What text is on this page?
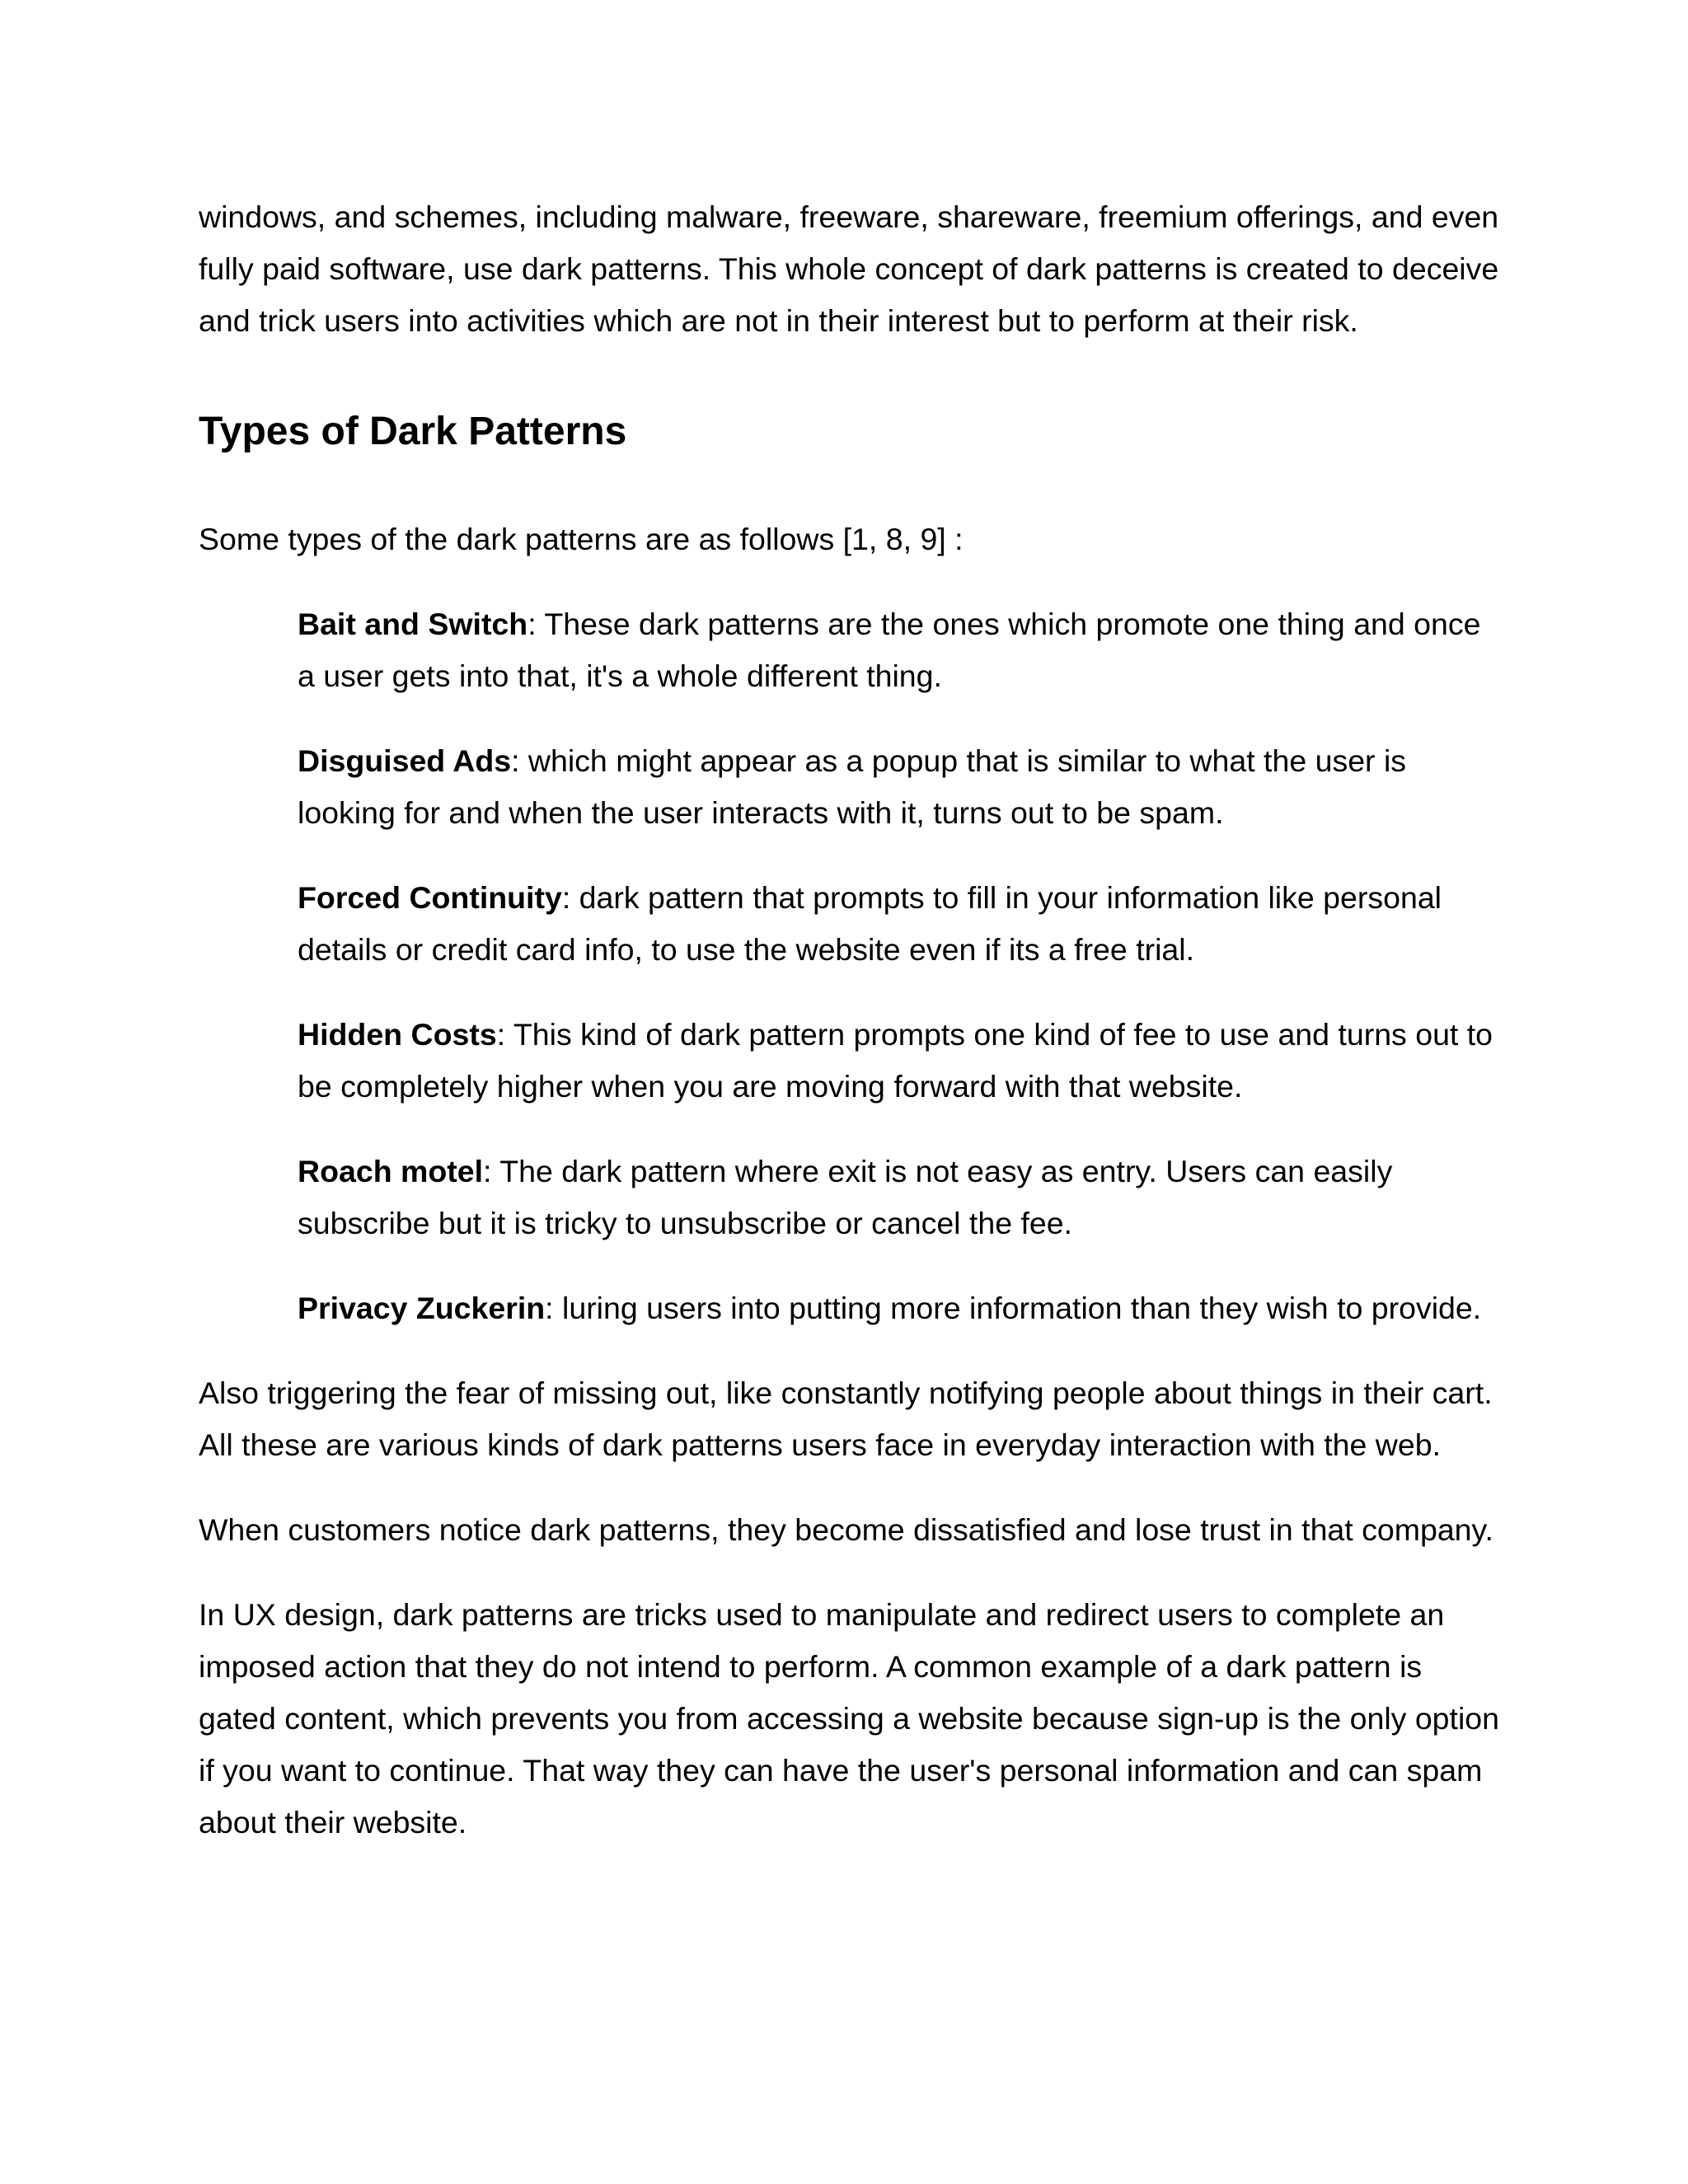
windows, and schemes, including malware, freeware, shareware, freemium offerings, and even fully paid software, use dark patterns. This whole concept of dark patterns is created to deceive and trick users into activities which are not in their interest but to perform at their risk.

Types of Dark Patterns

Some types of the dark patterns are as follows [1, 8, 9] :

Bait and Switch: These dark patterns are the ones which promote one thing and once a user gets into that, it's a whole different thing.
Disguised Ads: which might appear as a popup that is similar to what the user is looking for and when the user interacts with it, turns out to be spam.
Forced Continuity: dark pattern that prompts to fill in your information like personal details or credit card info, to use the website even if its a free trial.
Hidden Costs: This kind of dark pattern prompts one kind of fee to use and turns out to be completely higher when you are moving forward with that website.
Roach motel: The dark pattern where exit is not easy as entry. Users can easily subscribe but it is tricky to unsubscribe or cancel the fee.
Privacy Zuckerin: luring users into putting more information than they wish to provide.

Also triggering the fear of missing out, like constantly notifying people about things in their cart. All these are various kinds of dark patterns users face in everyday interaction with the web.

When customers notice dark patterns, they become dissatisfied and lose trust in that company.

In UX design, dark patterns are tricks used to manipulate and redirect users to complete an imposed action that they do not intend to perform. A common example of a dark pattern is gated content, which prevents you from accessing a website because sign-up is the only option if you want to continue. That way they can have the user's personal information and can spam about their website.
